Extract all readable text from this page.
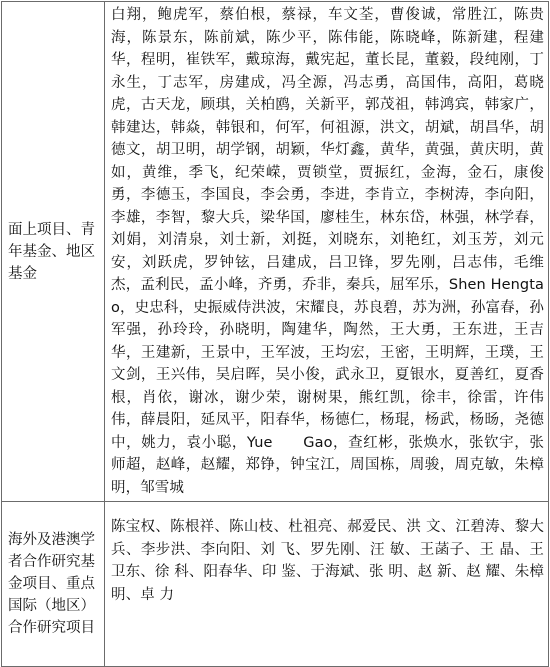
面上项目、青年基金、地区基金	白翔，鲍虎军，蔡伯根，蔡禄，车文荃，曹俊诚，常胜江，陈贵海，陈景东，陈前斌，陈少平，陈伟能，陈晓峰，陈新建，程建华，程明，崔铁军，戴琼海，戴宪起，董长昆，董毅，段纯刚，丁永生，丁志军，房建成，冯全源，冯志勇，高国伟，高阳，葛晓虎，古天龙，顾琪，关柏鸥，关新平，郭茂祖，韩鸿宾，韩家广，韩建达，韩焱，韩银和，何军，何祖源，洪文，胡斌，胡昌华，胡德文，胡卫明，胡学钢，胡颖，华灯鑫，黄华，黄强，黄庆明，黄如，黄维，季飞，纪荣嵘，贾锁堂，贾振红，金海，金石，康俊勇，李德玉，李国良，李会勇，李进，李肯立，李树涛，李向阳，李雄，李智，黎大兵，梁华国，廖桂生，林东岱，林强，林学春，刘娟，刘清泉，刘士新，刘挺，刘晓东，刘艳红，刘玉芳，刘元安，刘跃虎，罗钟铉，吕建成，吕卫锋，罗先刚，吕志伟，毛维杰，孟利民，孟小峰，齐勇，乔非，秦兵，屈军乐，Shen Hengtao，史忠科，史振威侍洪波，宋耀良，苏良碧，苏为洲，孙富春，孙军强，孙玲玲，孙晓明，陶建华，陶然，王大勇，王东进，王吉华，王建新，王景中，王军波，王均宏，王密，王明辉，王璞，王文剑，王兴伟，吴启晖，吴小俊，武永卫，夏银水，夏善红，夏香根，肖依，谢冰，谢少荣，谢树果，熊红凯，徐丰，徐雷，许伟伟，薛晨阳，延凤平，阳春华，杨德仁，杨琨，杨武，杨旸，尧德中，姚力，袁小聪，Yue　　Gao，查红彬，张焕水，张钦宇，张师超，赵峰，赵耀，郑铮，钟宝江，周国栋，周骏，周克敏，朱樟明，邹雪城
海外及港澳学者合作研究基金项目、重点国际（地区）合作研究项目	陈宝权、陈根祥、陈山枝、杜祖亮、郝爱民、洪 文、江碧涛、黎大兵、李步洪、李向阳、刘 飞、罗先刚、汪 敏、王菡子、王 晶、王卫东、徐 科、阳春华、印 鉴、于海斌、张 明、赵 新、赵 耀、朱樟明、卓 力
